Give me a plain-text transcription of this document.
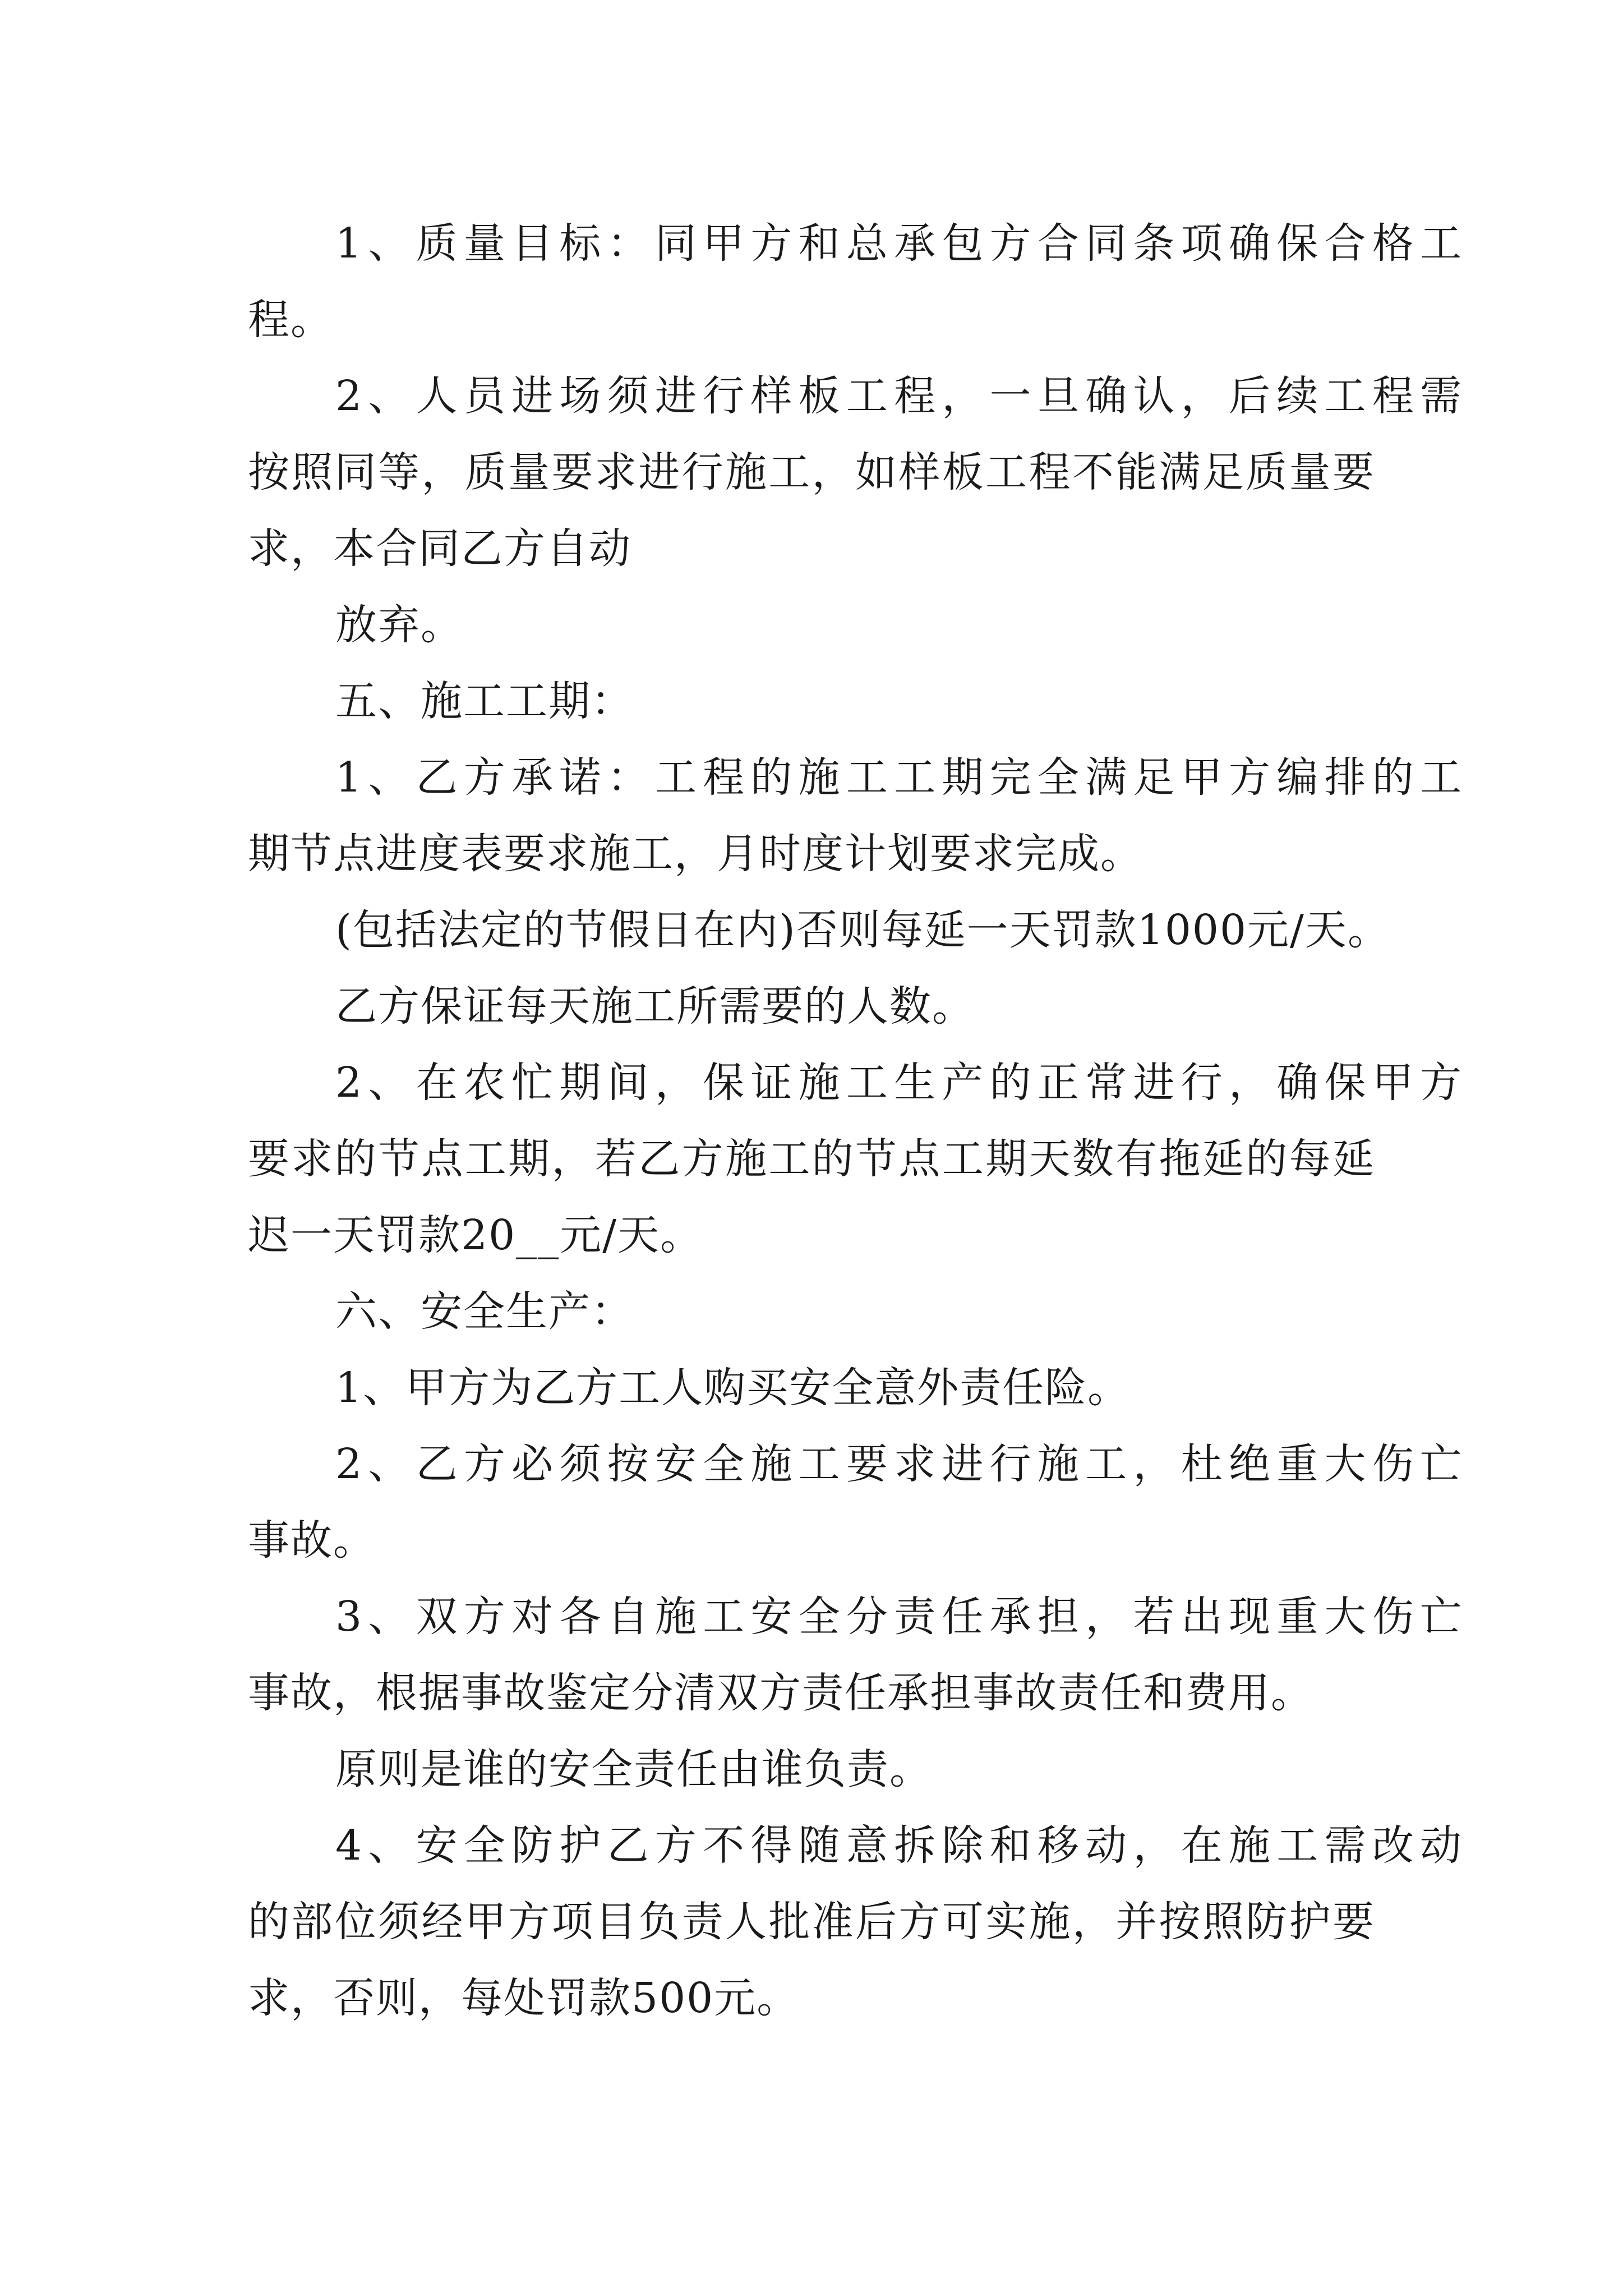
1、质量目标：同甲方和总承包方合同条项确保合格工

程。

2、人员进场须进行样板工程，一旦确认，后续工程需

按照同等，质量要求进行施工，如样板工程不能满足质量要

求，本合同乙方自动

放弃。

五、施工工期：

1、乙方承诺：工程的施工工期完全满足甲方编排的工

期节点进度表要求施工，月时度计划要求完成。

(包括法定的节假日在内)否则每延一天罚款1000元/天。

乙方保证每天施工所需要的人数。

2、在农忙期间，保证施工生产的正常进行，确保甲方

要求的节点工期，若乙方施工的节点工期天数有拖延的每延

迟一天罚款20__元/天。

六、安全生产：

1、甲方为乙方工人购买安全意外责任险。

2、乙方必须按安全施工要求进行施工，杜绝重大伤亡

事故。

3、双方对各自施工安全分责任承担，若出现重大伤亡

事故，根据事故鉴定分清双方责任承担事故责任和费用。

原则是谁的安全责任由谁负责。

4、安全防护乙方不得随意拆除和移动，在施工需改动

的部位须经甲方项目负责人批准后方可实施，并按照防护要

求，否则，每处罚款500元。
